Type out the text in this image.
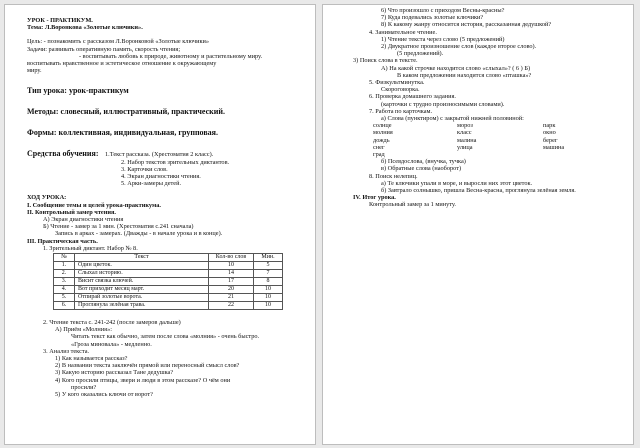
УРОК - ПРАКТИКУМ.
Тема: Л.Воронкова «Золотые ключики».
Цель: - познакомить с рассказом Л.Воронковой «Золотые ключики»
Задачи: развивать оперативную память, скорость чтения;
- воспитывать любовь к природе, животному и растительному миру.
воспитывать нравственное и эстетическое отношение к окружающему
миру.
Тип урока: урок-практикум
Методы: словесный, иллюстративный, практический.
Формы: коллективная, индивидуальная, групповая.
Средства обучения:	1.Текст рассказа. (Хрестоматия 2 класс).
2. Набор текстов зрительных диктантов.
3. Карточки слов.
4. Экран диагностики чтения.
5. Арки-замеры детей.
ХОД УРОКА:
I. Сообщение темы и целей урока-практикума.
II. Контрольный замер чтения.
А) Экран диагностики чтения
Б) Чтение - замер за 1 мин. (Хрестоматия с.241 сначала)
Запись в арках - замерах. (Дважды - в начале урока и в конце).
III. Практическая часть.
1. Зрительный диктант. Набор № 8.
№	Текст	Кол-во слов	Мин.
1.	Один цветок.	10	5
2.	Слыхал историю.	14	7
3.	Висит связка ключей.	17	8
4.	Вот приходит месяц март.	20	10
5.	Отпирай золотые ворота.	21	10
6.	Проглянула зелёная трава.	22	10
2. Чтение текста с. 241-242 (после замеров дальше)
А) Приём «Молния»:
Читать текст как обычно, затем после слова «молния» - очень быстро.
«Гроза миновала» - медленно.
3. Анализ текста.
1) Как называется рассказ?
2) В названии текста заключён прямой или переносный смысл слов?
3) Какую историю рассказал Тане дедушка?
4) Кого просили птицы, звери и люди в этом рассказе? О чём они
просили?
5) У кого оказались ключи от ворот?
6) Что произошло с приходом Весны-красны?
7) Куда подевались золотые ключики?
8) К какому жанру относится история, рассказанная дедушкой?
4. Занимательное чтение.
1) Чтение текста через слово (5 предложений)
2) Двукратное произношение слов (каждое второе слово).
(5 предложений).
3) Поиск слова в тексте.
А) На какой строчке находится слово «слыхал»? ( 6 ) Б)
В каком предложении находится слово «пташка»?
5. Физкультминутка.
Скороговорка.
6. Проверка домашнего задания.
(карточки с трудно произносимыми словами).
7. Работа по карточкам.
а) Слова (пунктиром) с закрытой нижней половиной:
солнце	мороз	парк
молния	класс	окно
дождь	малина	берег
снег	улица	машина
град
б) Псевдослова, (внучка, тучка)
в) Обратные слова (наоборот)
8. Поиск нелепиц.
а) Те ключики упали в море, и выросли них этот цветок.
б) Завтрало солнышко, пришла Весна-красна, проглянула зелёная земля.
IV. Итог урока.
Контрольный замер за 1 минуту.
